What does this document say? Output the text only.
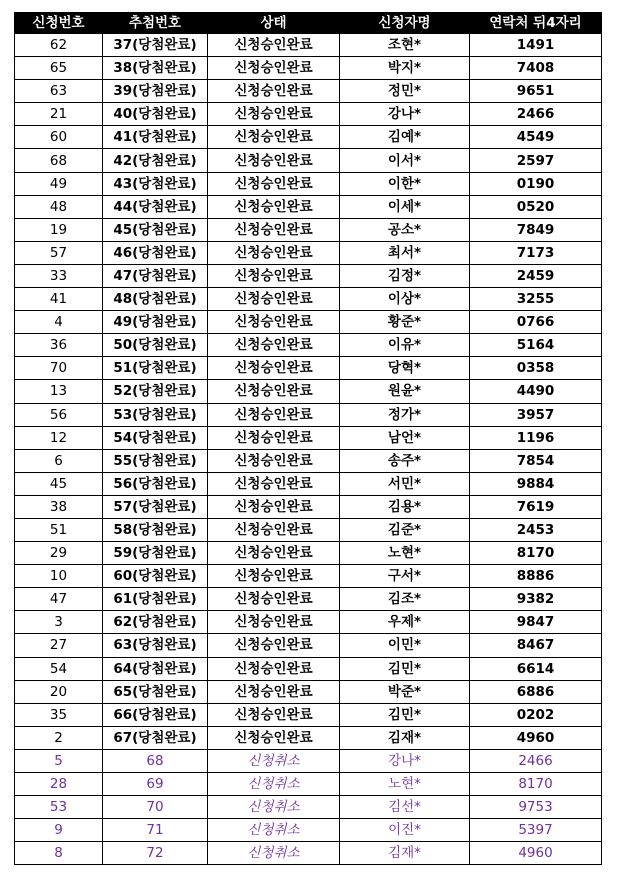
신청번호	추첨번호	상태	신청자명	연락처 뒤4자리
62	37(당첨완료)	신청승인완료	조현*	1491
65	38(당첨완료)	신청승인완료	박지*	7408
63	39(당첨완료)	신청승인완료	정민*	9651
21	40(당첨완료)	신청승인완료	강나*	2466
60	41(당첨완료)	신청승인완료	김예*	4549
68	42(당첨완료)	신청승인완료	이서*	2597
49	43(당첨완료)	신청승인완료	이한*	0190
48	44(당첨완료)	신청승인완료	이세*	0520
19	45(당첨완료)	신청승인완료	공소*	7849
57	46(당첨완료)	신청승인완료	최서*	7173
33	47(당첨완료)	신청승인완료	김정*	2459
41	48(당첨완료)	신청승인완료	이상*	3255
4	49(당첨완료)	신청승인완료	황준*	0766
36	50(당첨완료)	신청승인완료	이유*	5164
70	51(당첨완료)	신청승인완료	당혁*	0358
13	52(당첨완료)	신청승인완료	원윤*	4490
56	53(당첨완료)	신청승인완료	정가*	3957
12	54(당첨완료)	신청승인완료	남언*	1196
6	55(당첨완료)	신청승인완료	송주*	7854
45	56(당첨완료)	신청승인완료	서민*	9884
38	57(당첨완료)	신청승인완료	김용*	7619
51	58(당첨완료)	신청승인완료	김준*	2453
29	59(당첨완료)	신청승인완료	노현*	8170
10	60(당첨완료)	신청승인완료	구서*	8886
47	61(당첨완료)	신청승인완료	김조*	9382
3	62(당첨완료)	신청승인완료	우제*	9847
27	63(당첨완료)	신청승인완료	이민*	8467
54	64(당첨완료)	신청승인완료	김민*	6614
20	65(당첨완료)	신청승인완료	박준*	6886
35	66(당첨완료)	신청승인완료	김민*	0202
2	67(당첨완료)	신청승인완료	김재*	4960
5	68	신청취소	강나*	2466
28	69	신청취소	노현*	8170
53	70	신청취소	김선*	9753
9	71	신청취소	이진*	5397
8	72	신청취소	김재*	4960
